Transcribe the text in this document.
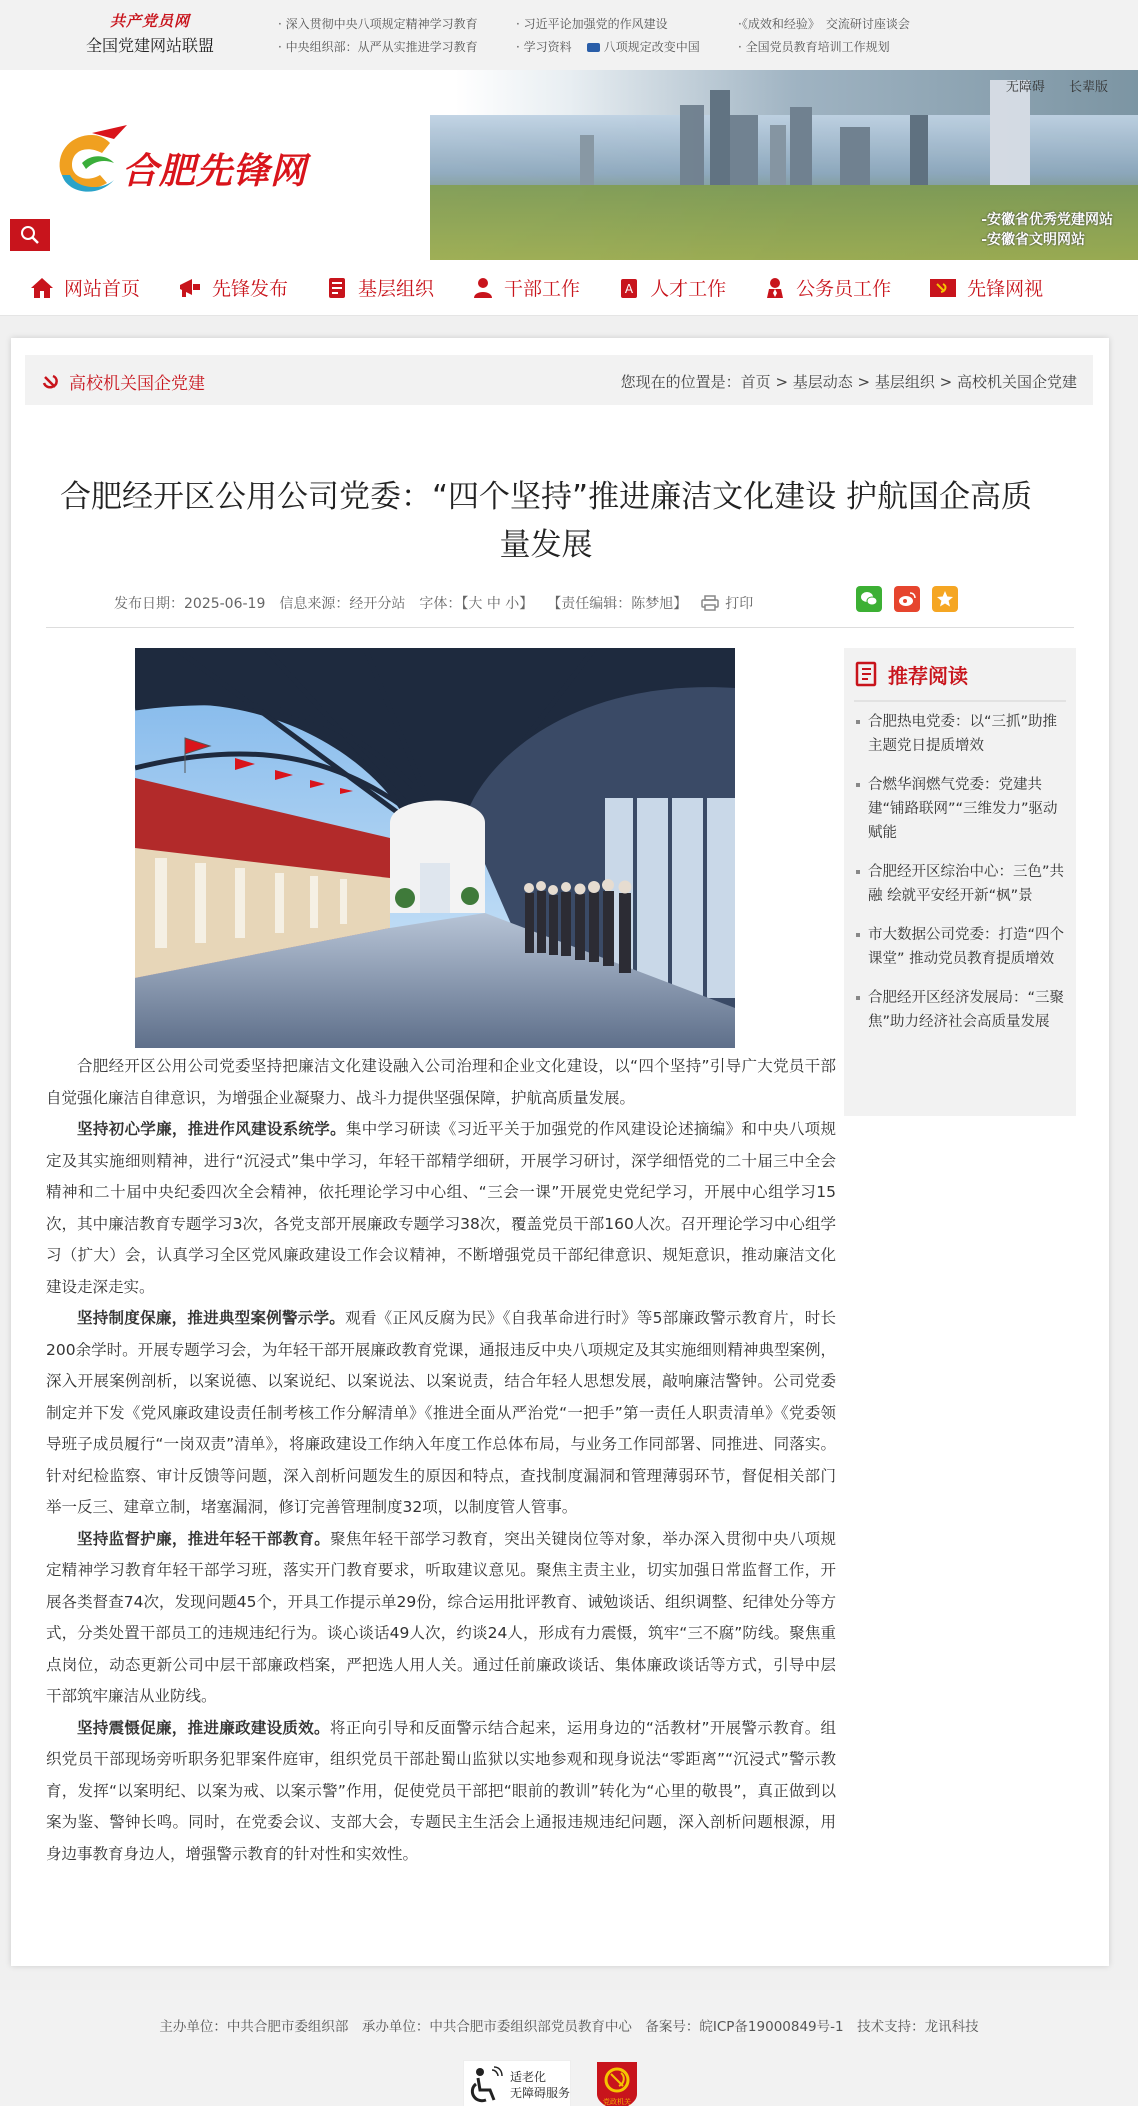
共产党员网
全国党建网站联盟
· 深入贯彻中央八项规定精神学习教育
· 中央组织部：从严从实推进学习教育
· 习近平论加强党的作风建设
· 学习资料	八项规定改变中国
·《成效和经验》　交流研讨座谈会
· 全国党员教育培训工作规划
无障碍 长辈版
合肥先锋网
-安徽省优秀党建网站
-安徽省文明网站
网站首页	先锋发布	基层组织	干部工作	A 人才工作	公务员工作	先锋网视
高校机关国企党建	您现在的位置是：首页 > 基层动态 > 基层组织 > 高校机关国企党建
合肥经开区公用公司党委：“四个坚持”推进廉洁文化建设 护航国企高质量发展
发布日期：2025-06-19 信息来源：经开分站 字体：【大 中 小】 【责任编辑：陈梦旭】	打印

合肥经开区公用公司党委坚持把廉洁文化建设融入公司治理和企业文化建设，以“四个坚持”引导广大党员干部自觉强化廉洁自律意识，为增强企业凝聚力、战斗力提供坚强保障，护航高质量发展。

坚持初心学廉，推进作风建设系统学。集中学习研读《习近平关于加强党的作风建设论述摘编》和中央八项规定及其实施细则精神，进行“沉浸式”集中学习，年轻干部精学细研，开展学习研讨，深学细悟党的二十届三中全会精神和二十届中央纪委四次全会精神，依托理论学习中心组、“三会一课”开展党史党纪学习，开展中心组学习15次，其中廉洁教育专题学习3次，各党支部开展廉政专题学习38次，覆盖党员干部160人次。召开理论学习中心组学习（扩大）会，认真学习全区党风廉政建设工作会议精神，不断增强党员干部纪律意识、规矩意识，推动廉洁文化建设走深走实。

坚持制度保廉，推进典型案例警示学。观看《正风反腐为民》《自我革命进行时》等5部廉政警示教育片，时长200余学时。开展专题学习会，为年轻干部开展廉政教育党课，通报违反中央八项规定及其实施细则精神典型案例，深入开展案例剖析，以案说德、以案说纪、以案说法、以案说责，结合年轻人思想发展，敲响廉洁警钟。公司党委制定并下发《党风廉政建设责任制考核工作分解清单》《推进全面从严治党“一把手”第一责任人职责清单》《党委领导班子成员履行“一岗双责”清单》，将廉政建设工作纳入年度工作总体布局，与业务工作同部署、同推进、同落实。针对纪检监察、审计反馈等问题，深入剖析问题发生的原因和特点，查找制度漏洞和管理薄弱环节，督促相关部门举一反三、建章立制，堵塞漏洞，修订完善管理制度32项，以制度管人管事。

坚持监督护廉，推进年轻干部教育。聚焦年轻干部学习教育，突出关键岗位等对象，举办深入贯彻中央八项规定精神学习教育年轻干部学习班，落实开门教育要求，听取建议意见。聚焦主责主业，切实加强日常监督工作，开展各类督查74次，发现问题45个，开具工作提示单29份，综合运用批评教育、诫勉谈话、组织调整、纪律处分等方式，分类处置干部员工的违规违纪行为。谈心谈话49人次，约谈24人，形成有力震慑，筑牢“三不腐”防线。聚焦重点岗位，动态更新公司中层干部廉政档案，严把选人用人关。通过任前廉政谈话、集体廉政谈话等方式，引导中层干部筑牢廉洁从业防线。

坚持震慑促廉，推进廉政建设质效。将正向引导和反面警示结合起来，运用身边的“活教材”开展警示教育。组织党员干部现场旁听职务犯罪案件庭审，组织党员干部赴蜀山监狱以实地参观和现身说法“零距离”“沉浸式”警示教育，发挥“以案明纪、以案为戒、以案示警”作用，促使党员干部把“眼前的教训”转化为“心里的敬畏”，真正做到以案为鉴、警钟长鸣。同时，在党委会议、支部大会，专题民主生活会上通报违规违纪问题，深入剖析问题根源，用身边事教育身边人，增强警示教育的针对性和实效性。

推荐阅读
合肥热电党委：以“三抓”助推主题党日提质增效
合燃华润燃气党委：党建共建“铺路联网”“三维发力”驱动赋能
合肥经开区综治中心：三色”共融 绘就平安经开新“枫”景
市大数据公司党委：打造“四个课堂” 推动党员教育提质增效
合肥经开区经济发展局：“三聚焦”助力经济社会高质量发展
主办单位：中共合肥市委组织部　承办单位：中共合肥市委组织部党员教育中心　备案号：皖ICP备19000849号-1　技术支持：龙讯科技
适老化
无障碍服务
党政机关
